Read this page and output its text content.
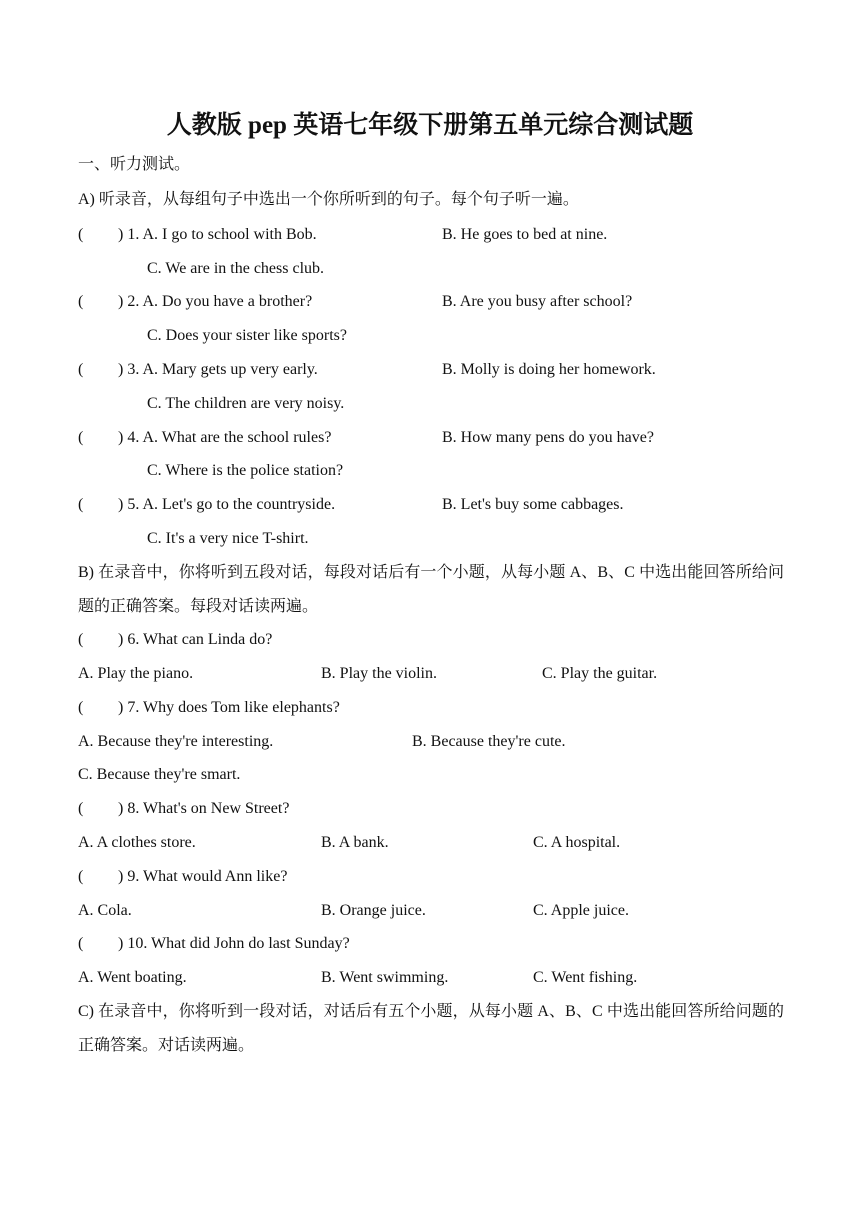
人教版 pep 英语七年级下册第五单元综合测试题
一、听力测试。
A) 听录音，从每组句子中选出一个你所听到的句子。每个句子听一遍。
( ) 1. A. I go to school with Bob.	B. He goes to bed at nine.
C. We are in the chess club.
( ) 2. A. Do you have a brother?	B. Are you busy after school?
C. Does your sister like sports?
( ) 3. A. Mary gets up very early.	B. Molly is doing her homework.
C. The children are very noisy.
( ) 4. A. What are the school rules?	B. How many pens do you have?
C. Where is the police station?
( ) 5. A. Let's go to the countryside.	B. Let's buy some cabbages.
C. It's a very nice T-shirt.
B) 在录音中，你将听到五段对话，每段对话后有一个小题，从每小题 A、B、C 中选出能回答所给问题的正确答案。每段对话读两遍。
( ) 6. What can Linda do?
A. Play the piano.	B. Play the violin.	C. Play the guitar.
( ) 7. Why does Tom like elephants?
A. Because they're interesting.	B. Because they're cute.
C. Because they're smart.
( ) 8. What's on New Street?
A. A clothes store.	B. A bank.	C. A hospital.
( ) 9. What would Ann like?
A. Cola.	B. Orange juice.	C. Apple juice.
( ) 10. What did John do last Sunday?
A. Went boating.	B. Went swimming.	C. Went fishing.
C) 在录音中，你将听到一段对话，对话后有五个小题，从每小题 A、B、C 中选出能回答所给问题的正确答案。对话读两遍。
